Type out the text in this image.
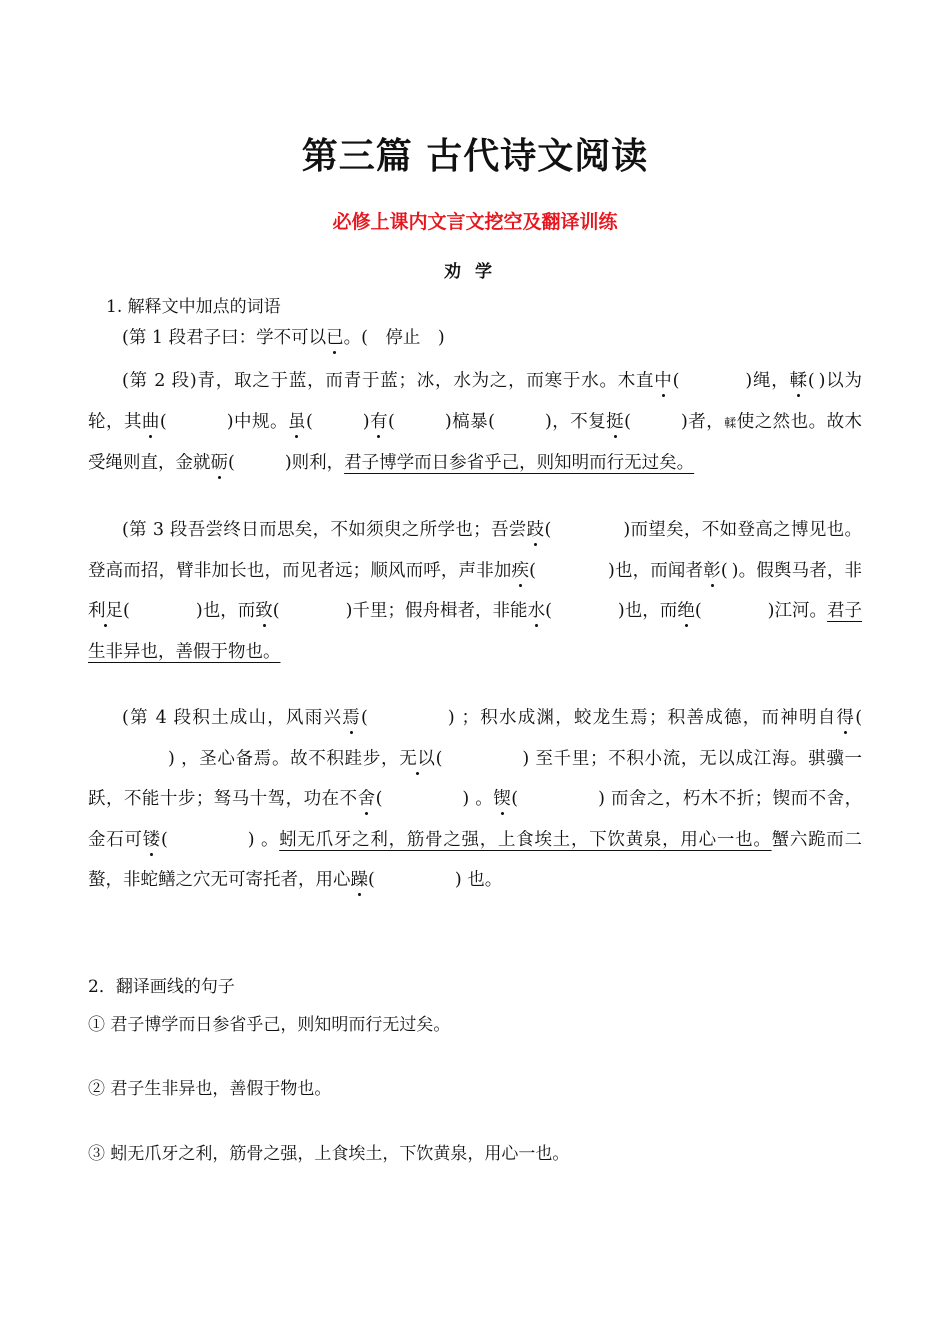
第三篇 古代诗文阅读
必修上课内文言文挖空及翻译训练
劝学
1. 解释文中加点的词语
(第 1 段君子曰：学不可以已。(　停止　)
(第 2 段)青，取之于蓝，而青于蓝；冰，水为之，而寒于水。木直中(	)绳，輮( )以为轮，其曲(	)中规。虽(	)有(	)槁暴(	)，不复挺(	)者，輮使之然也。故木受绳则直，金就砺(	)则利，君子博学而日参省乎己，则知明而行无过矣。
(第 3 段吾尝终日而思矣，不如须臾之所学也；吾尝跂(	)而望矣，不如登高之博见也。登高而招，臂非加长也，而见者远；顺风而呼，声非加疾(	)也，而闻者彰( )。假舆马者，非利足(	)也，而致(	)千里；假舟楫者，非能水(	)也，而绝(	)江河。君子生非异也，善假于物也。
(第 4 段积土成山，风雨兴焉(	) ；积水成渊，蛟龙生焉；积善成德，而神明自得() ，圣心备焉。故不积跬步，无以(	) 至千里；不积小流，无以成江海。骐骥一跃，不能十步；驽马十驾，功在不舍(	) 。锲(	) 而舍之，朽木不折；锲而不舍，金石可镂(	) 。蚓无爪牙之利，筋骨之强，上食埃土，下饮黄泉，用心一也。蟹六跪而二螯，非蛇鳝之穴无可寄托者，用心躁(	) 也。
2．翻译画线的句子
① 君子博学而日参省乎己，则知明而行无过矣。
② 君子生非异也，善假于物也。
③ 蚓无爪牙之利，筋骨之强，上食埃土，下饮黄泉，用心一也。
